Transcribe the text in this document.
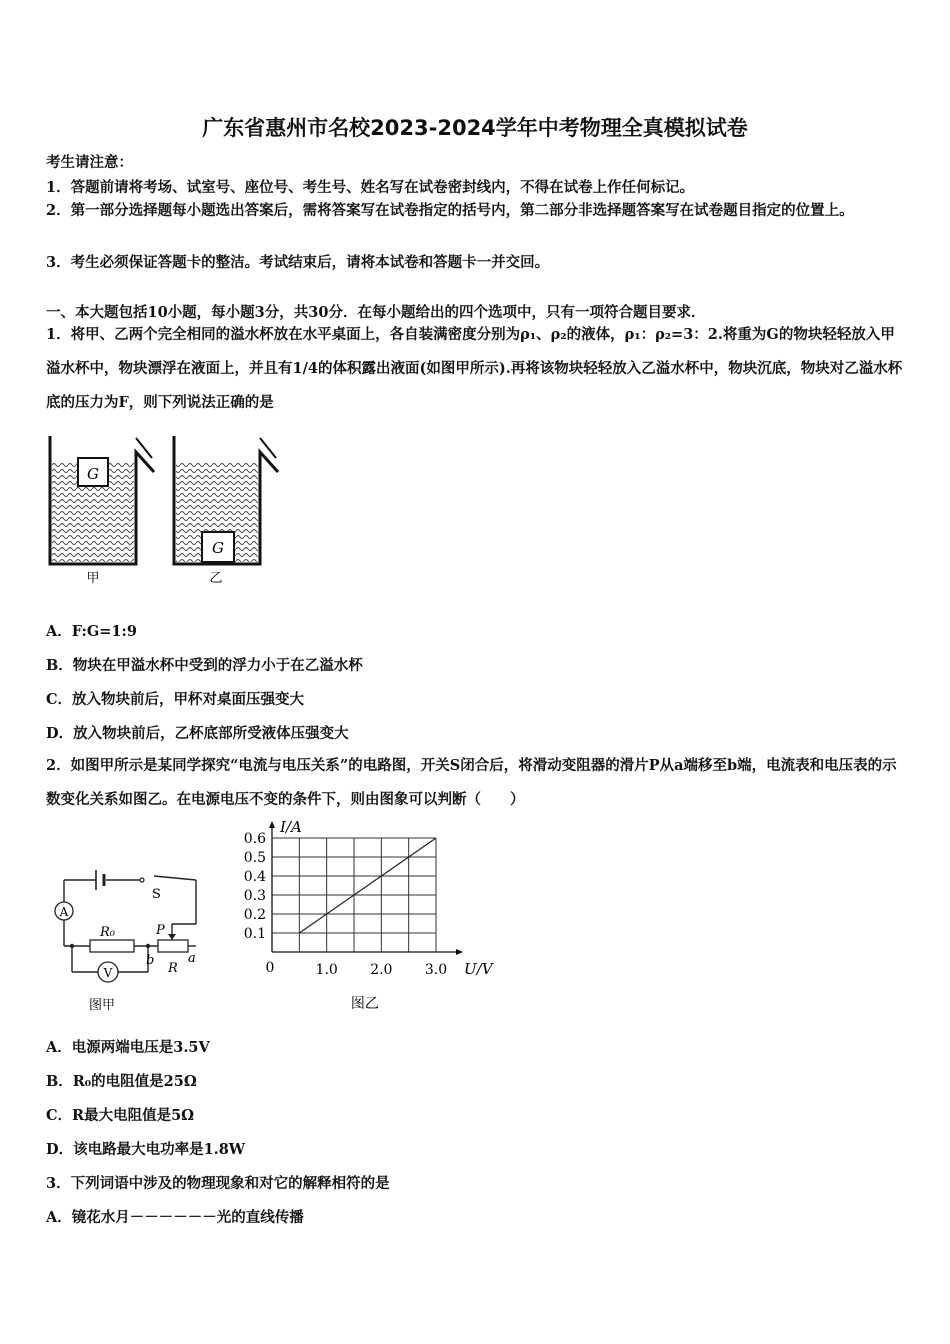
广东省惠州市名校2023-2024学年中考物理全真模拟试卷
考生请注意：
1．答题前请将考场、试室号、座位号、考生号、姓名写在试卷密封线内，不得在试卷上作任何标记。
2．第一部分选择题每小题选出答案后，需将答案写在试卷指定的括号内，第二部分非选择题答案写在试卷题目指定的位置上。
3．考生必须保证答题卡的整洁。考试结束后，请将本试卷和答题卡一并交回。
一、本大题包括10小题，每小题3分，共30分．在每小题给出的四个选项中，只有一项符合题目要求．
1．将甲、乙两个完全相同的溢水杯放在水平桌面上，各自装满密度分别为ρ₁、ρ₂的液体，ρ₁：ρ₂=3：2.将重为G的物块轻轻放入甲溢水杯中，物块漂浮在液面上，并且有1/4的体积露出液面(如图甲所示).再将该物块轻轻放入乙溢水杯中，物块沉底，物块对乙溢水杯底的压力为F，则下列说法正确的是
G
甲
G
乙
A．F:G=1:9
B．物块在甲溢水杯中受到的浮力小于在乙溢水杯
C．放入物块前后，甲杯对桌面压强变大
D．放入物块前后，乙杯底部所受液体压强变大
2．如图甲所示是某同学探究“电流与电压关系”的电路图，开关S闭合后，将滑动变阻器的滑片P从a端移至b端，电流表和电压表的示数变化关系如图乙。在电源电压不变的条件下，则由图象可以判断（　　）
S
A
R₀	P
R
b	a
V
图甲
0.1
0.2
0.3
0.4
0.5
0.6
1.0 2.0 3.0
0
I/A
U/V
图乙
A．电源两端电压是3.5V
B．R₀的电阻值是25Ω
C．R最大电阻值是5Ω
D．该电路最大电功率是1.8W
3．下列词语中涉及的物理现象和对它的解释相符的是
A．镜花水月－－－－－－光的直线传播
